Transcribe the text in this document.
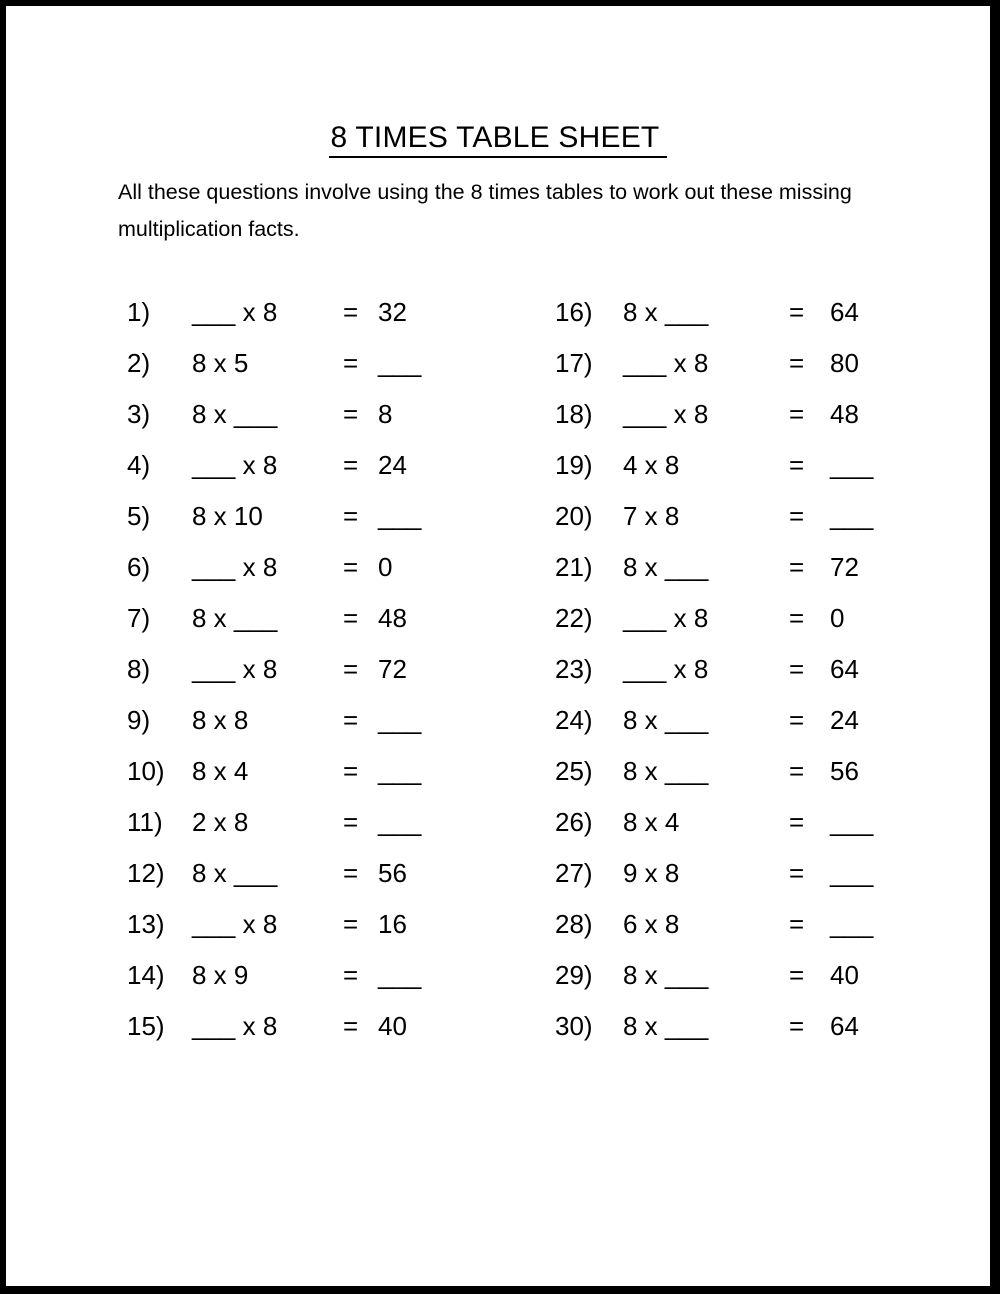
8 TIMES TABLE SHEET
All these questions involve using the 8 times tables to work out these missing multiplication facts.
1) ___ x 8	= 32
2) 8 x 5	= ___
3) 8 x ___	= 8
4) ___ x 8	= 24
5) 8 x 10	= ___
6) ___ x 8	= 0
7) 8 x ___	= 48
8) ___ x 8	= 72
9) 8 x 8	= ___
10) 8 x 4	= ___
11) 2 x 8	= ___
12) 8 x ___	= 56
13) ___ x 8	= 16
14) 8 x 9	= ___
15) ___ x 8	= 40
16) 8 x ___	= 64
17) ___ x 8	= 80
18) ___ x 8	= 48
19) 4 x 8	= ___
20) 7 x 8	= ___
21) 8 x ___	= 72
22) ___ x 8	= 0
23) ___ x 8	= 64
24) 8 x ___	= 24
25) 8 x ___	= 56
26) 8 x 4	= ___
27) 9 x 8	= ___
28) 6 x 8	= ___
29) 8 x ___	= 40
30) 8 x ___	= 64
